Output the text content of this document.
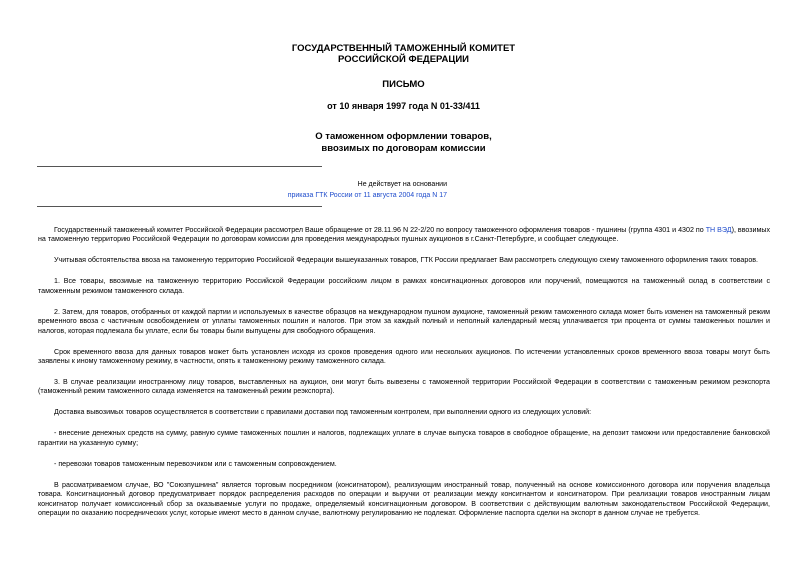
ГОСУДАРСТВЕННЫЙ ТАМОЖЕННЫЙ КОМИТЕТ
РОССИЙСКОЙ ФЕДЕРАЦИИ
ПИСЬМО
от 10 января 1997 года N 01-33/411
О таможенном оформлении товаров,
ввозимых по договорам комиссии
Не действует на основании
приказа ГТК России от 11 августа 2004 года N 17

Государственный таможенный комитет Российской Федерации рассмотрел Ваше обращение от 28.11.96 N 22-2/20 по вопросу таможенного оформления товаров - пушнины (группа 4301 и 4302 по ТН ВЭД), ввозимых на таможенную территорию Российской Федерации по договорам комиссии для проведения международных пушных аукционов в г.Санкт-Петербурге, и сообщает следующее.

Учитывая обстоятельства ввоза на таможенную территорию Российской Федерации вышеуказанных товаров, ГТК России предлагает Вам рассмотреть следующую схему таможенного оформления таких товаров.

1. Все товары, ввозимые на таможенную территорию Российской Федерации российским лицом в рамках консигнационных договоров или поручений, помещаются на таможенный склад в соответствии с таможенным режимом таможенного склада.

2. Затем, для товаров, отобранных от каждой партии и используемых в качестве образцов на международном пушном аукционе, таможенный режим таможенного склада может быть изменен на таможенный режим временного ввоза с частичным освобождением от уплаты таможенных пошлин и налогов. При этом за каждый полный и неполный календарный месяц уплачивается три процента от суммы таможенных пошлин и налогов, которая подлежала бы уплате, если бы товары были выпущены для свободного обращения.

Срок временного ввоза для данных товаров может быть установлен исходя из сроков проведения одного или нескольких аукционов. По истечении установленных сроков временного ввоза товары могут быть заявлены к иному таможенному режиму, в частности, опять к таможенному режиму таможенного склада.

3. В случае реализации иностранному лицу товаров, выставленных на аукцион, они могут быть вывезены с таможенной территории Российской Федерации в соответствии с таможенным режимом реэкспорта (таможенный режим таможенного склада изменяется на таможенный режим реэкспорта).

Доставка вывозимых товаров осуществляется в соответствии с правилами доставки под таможенным контролем, при выполнении одного из следующих условий:

- внесение денежных средств на сумму, равную сумме таможенных пошлин и налогов, подлежащих уплате в случае выпуска товаров в свободное обращение, на депозит таможни или предоставление банковской гарантии на указанную сумму;

- перевозки товаров таможенным перевозчиком или с таможенным сопровождением.

В рассматриваемом случае, ВО "Союзпушнина" является торговым посредником (консигнатором), реализующим иностранный товар, полученный на основе комиссионного договора или поручения владельца товара. Консигнационный договор предусматривает порядок распределения расходов по операции и выручки от реализации между консигнантом и консигнатором. При реализации товаров иностранным лицам консигнатор получает комиссионный сбор за оказываемые услуги по продаже, определяемый консигнационным договором. В соответствии с действующим валютным законодательством Российской Федерации, операции по оказанию посреднических услуг, которые имеют место в данном случае, валютному регулированию не подлежат. Оформление паспорта сделки на экспорт в данном случае не требуется.
